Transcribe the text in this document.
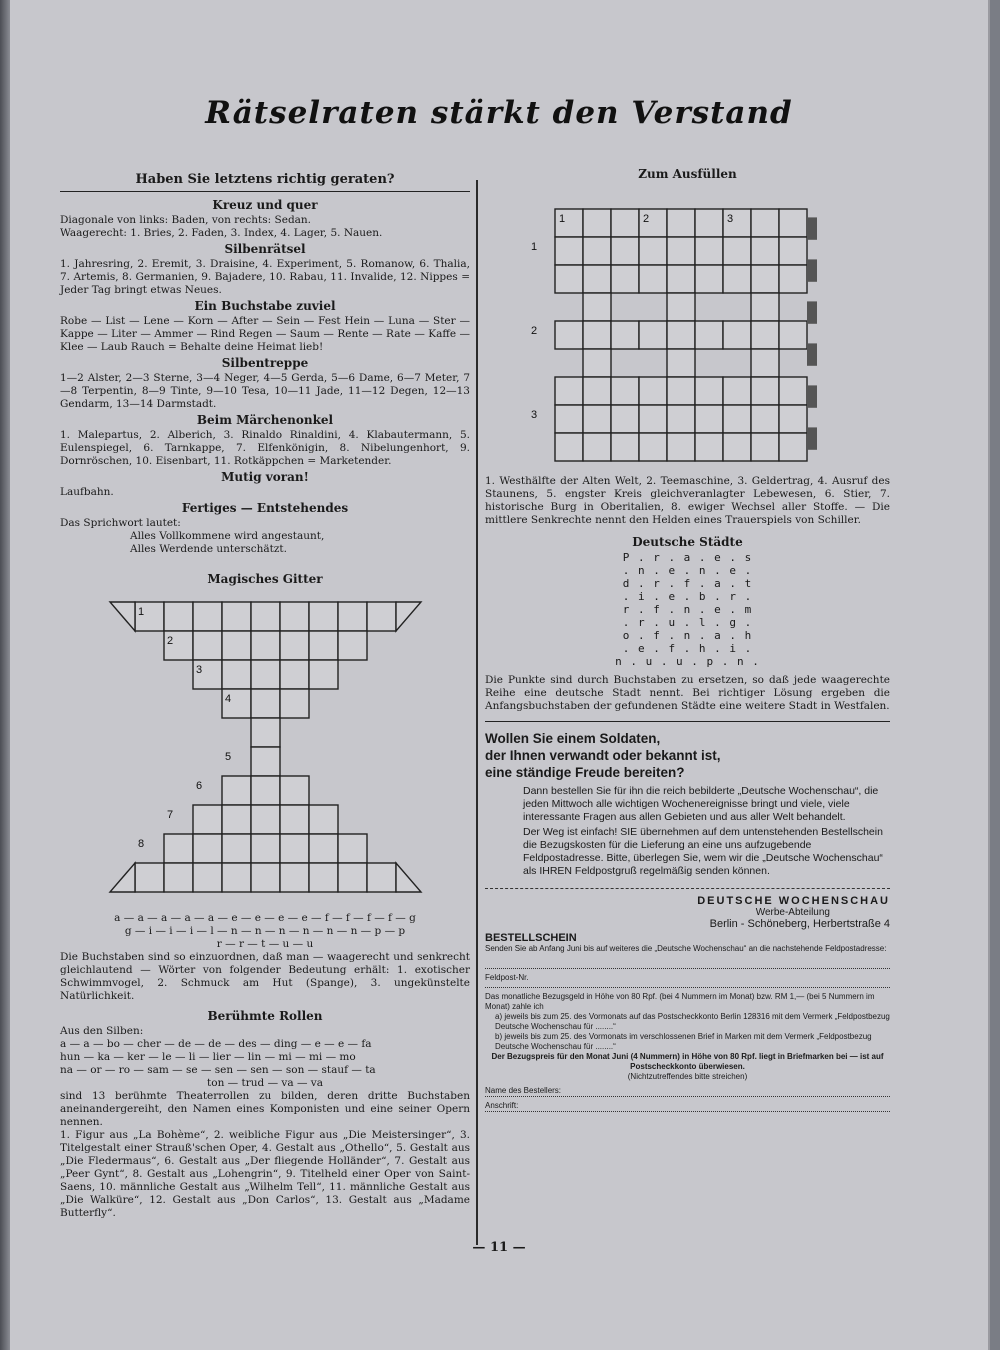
Rätselraten stärkt den Verstand
Haben Sie letztens richtig geraten?
Kreuz und quer

Diagonale von links: Baden, von rechts: Sedan.

Waagerecht: 1. Bries, 2. Faden, 3. Index, 4. Lager, 5. Nauen.

Silbenrätsel

1. Jahresring, 2. Eremit, 3. Draisine, 4. Experiment, 5. Romanow, 6. Thalia, 7. Artemis, 8. Germanien, 9. Bajadere, 10. Rabau, 11. Invalide, 12. Nippes = Jeder Tag bringt etwas Neues.

Ein Buchstabe zuviel

Robe — List — Lene — Korn — After — Sein — Fest Hein — Luna — Ster — Kappe — Liter — Ammer — Rind Regen — Saum — Rente — Rate — Kaffe — Klee — Laub Rauch = Behalte deine Heimat lieb!

Silbentreppe

1—2 Alster, 2—3 Sterne, 3—4 Neger, 4—5 Gerda, 5—6 Dame, 6—7 Meter, 7—8 Terpentin, 8—9 Tinte, 9—10 Tesa, 10—11 Jade, 11—12 Degen, 12—13 Gendarm, 13—14 Darmstadt.

Beim Märchenonkel

1. Malepartus, 2. Alberich, 3. Rinaldo Rinaldini, 4. Klabautermann, 5. Eulenspiegel, 6. Tarnkappe, 7. Elfenkönigin, 8. Nibelungenhort, 9. Dornröschen, 10. Eisenbart, 11. Rotkäppchen = Marketender.

Mutig voran!

Laufbahn.

Fertiges — Entstehendes

Das Sprichwort lautet:

Alles Vollkommene wird angestaunt,

Alles Werdende unterschätzt.

Magisches Gitter
1
2
3
4
5
6
7
8

a — a — a — a — a — e — e — e — e — f — f — f — f — g

g — i — i — i — l — n — n — n — n — n — n — p — p

r — r — t — u — u

Die Buchstaben sind so einzuordnen, daß man — waagerecht und senkrecht gleichlautend — Wörter von folgender Bedeutung erhält: 1. exotischer Schwimmvogel, 2. Schmuck am Hut (Spange), 3. ungekünstelte Natürlichkeit.

Berühmte Rollen

Aus den Silben:

a — a — bo — cher — de — de — des — ding — e — e — fa

hun — ka — ker — le — li — lier — lin — mi — mi — mo

na — or — ro — sam — se — sen — sen — son — stauf — ta

ton — trud — va — va

sind 13 berühmte Theaterrollen zu bilden, deren dritte Buchstaben aneinandergereiht, den Namen eines Komponisten und eine seiner Opern nennen.

1. Figur aus „La Bohème“, 2. weibliche Figur aus „Die Meistersinger“, 3. Titelgestalt einer Strauß'schen Oper, 4. Gestalt aus „Othello“, 5. Gestalt aus „Die Fledermaus“, 6. Gestalt aus „Der fliegende Holländer“, 7. Gestalt aus „Peer Gynt“, 8. Gestalt aus „Lohengrin“, 9. Titelheld einer Oper von Saint-Saens, 10. männliche Gestalt aus „Wilhelm Tell“, 11. männliche Gestalt aus „Die Walküre“, 12. Gestalt aus „Don Carlos“, 13. Gestalt aus „Madame Butterfly“.

Zum Ausfüllen
1	2	3
1
2
3

1. Westhälfte der Alten Welt, 2. Teemaschine, 3. Geldertrag, 4. Ausruf des Staunens, 5. engster Kreis gleichveranlagter Lebewesen, 6. Stier, 7. historische Burg in Oberitalien, 8. ewiger Wechsel aller Stoffe. — Die mittlere Senkrechte nennt den Helden eines Trauerspiels von Schiller.

Deutsche Städte
P . r . a . e . s
. n . e . n . e .
d . r . f . a . t
. i . e . b . r .
r . f . n . e . m
. r . u . l . g .
o . f . n . a . h
. e . f . h . i .
n . u . u . p . n .

Die Punkte sind durch Buchstaben zu ersetzen, so daß jede waagerechte Reihe eine deutsche Stadt nennt. Bei richtiger Lösung ergeben die Anfangsbuchstaben der gefundenen Städte eine weitere Stadt in Westfalen.

Wollen Sie einem Soldaten,
der Ihnen verwandt oder bekannt ist,
eine ständige Freude bereiten?

Dann bestellen Sie für ihn die reich bebilderte „Deutsche Wochenschau“, die jeden Mittwoch alle wichtigen Wochenereignisse bringt und viele, viele interessante Fragen aus allen Gebieten und aus aller Welt behandelt.

Der Weg ist einfach! SIE übernehmen auf dem untenstehenden Bestellschein die Bezugskosten für die Lieferung an eine uns aufzugebende Feldpostadresse. Bitte, überlegen Sie, wem wir die „Deutsche Wochenschau“ als IHREN Feldpostgruß regelmäßig senden können.

DEUTSCHE WOCHENSCHAU
Werbe-Abteilung
Berlin - Schöneberg, Herbertstraße 4
BESTELLSCHEIN
Senden Sie ab Anfang Juni bis auf weiteres die „Deutsche Wochenschau“ an die nachstehende Feldpostadresse:
Feldpost-Nr.
Das monatliche Bezugsgeld in Höhe von 80 Rpf. (bei 4 Nummern im Monat) bzw. RM 1,— (bei 5 Nummern im Monat) zahle ich
a) jeweils bis zum 25. des Vormonats auf das Postscheckkonto Berlin 128316 mit dem Vermerk „Feldpostbezug Deutsche Wochenschau für ........“
b) jeweils bis zum 25. des Vormonats im verschlossenen Brief in Marken mit dem Vermerk „Feldpostbezug Deutsche Wochenschau für ........“
Der Bezugspreis für den Monat Juni (4 Nummern) in Höhe von 80 Rpf. liegt in Briefmarken bei — ist auf Postscheckkonto überwiesen.
(Nichtzutreffendes bitte streichen)
Name des Bestellers:
Anschrift:
— 11 —
